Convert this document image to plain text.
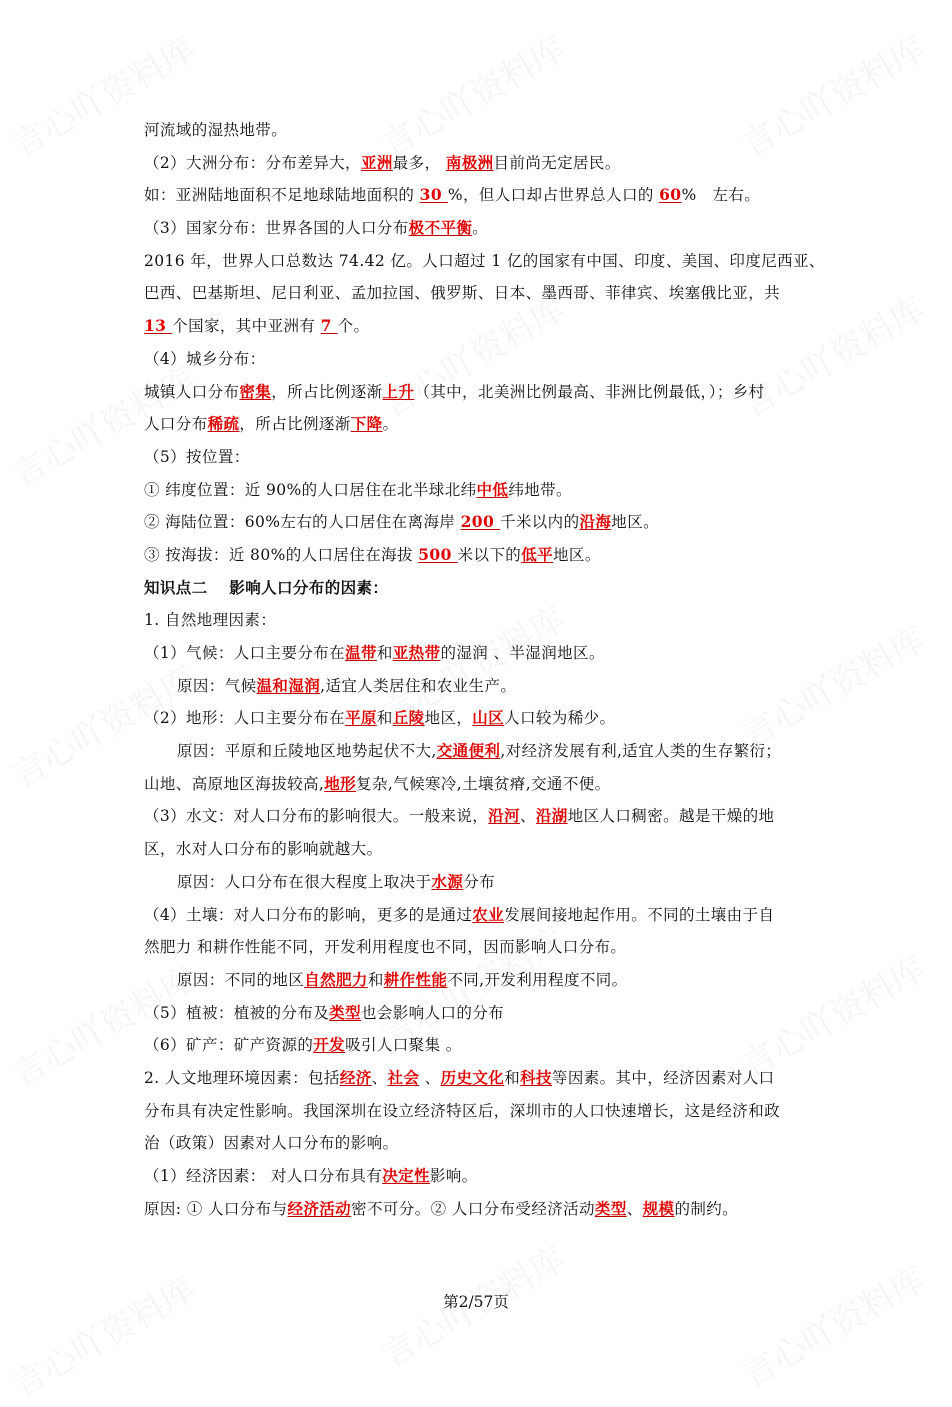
河流域的湿热地带。
（2）大洲分布：分布差异大，亚洲最多， 南极洲目前尚无定居民。
如：亚洲陆地面积不足地球陆地面积的 30 %，但人口却占世界总人口的 60%　左右。
（3）国家分布：世界各国的人口分布极不平衡。
2016 年，世界人口总数达 74.42 亿。人口超过 1 亿的国家有中国、印度、美国、印度尼西亚、
巴西、巴基斯坦、尼日利亚、孟加拉国、俄罗斯、日本、墨西哥、菲律宾、埃塞俄比亚，共
13 个国家，其中亚洲有 7 个。
（4）城乡分布：
城镇人口分布密集，所占比例逐渐上升（其中，北美洲比例最高、非洲比例最低，）；乡村
人口分布稀疏，所占比例逐渐下降。
（5）按位置：
① 纬度位置：近 90%的人口居住在北半球北纬中低纬地带。
② 海陆位置：60%左右的人口居住在离海岸 200 千米以内的沿海地区。
③ 按海拔：近 80%的人口居住在海拔 500 米以下的低平地区。
知识点二　 影响人口分布的因素：
1. 自然地理因素：
（1）气候：人口主要分布在温带和亚热带的湿润 、半湿润地区。
原因：气候温和湿润,适宜人类居住和农业生产。
（2）地形：人口主要分布在平原和丘陵地区，山区人口较为稀少。
原因：平原和丘陵地区地势起伏不大,交通便利,对经济发展有利,适宜人类的生存繁衍；
山地、高原地区海拔较高,地形复杂,气候寒冷,土壤贫瘠,交通不便。
（3）水文：对人口分布的影响很大。一般来说，沿河、沿湖地区人口稠密。越是干燥的地
区，水对人口分布的影响就越大。
原因：人口分布在很大程度上取决于水源分布
（4）土壤：对人口分布的影响，更多的是通过农业发展间接地起作用。不同的土壤由于自
然肥力 和耕作性能不同，开发利用程度也不同，因而影响人口分布。
原因：不同的地区自然肥力和耕作性能不同,开发利用程度不同。
（5）植被：植被的分布及类型也会影响人口的分布
（6）矿产：矿产资源的开发吸引人口聚集 。
2. 人文地理环境因素：包括经济、社会 、历史文化和科技等因素。其中，经济因素对人口
分布具有决定性影响。我国深圳在设立经济特区后，深圳市的人口快速增长，这是经济和政
治（政策）因素对人口分布的影响。
（1）经济因素： 对人口分布具有决定性影响。
原因: ① 人口分布与经济活动密不可分。② 人口分布受经济活动类型、规模的制约。
第2/57页
